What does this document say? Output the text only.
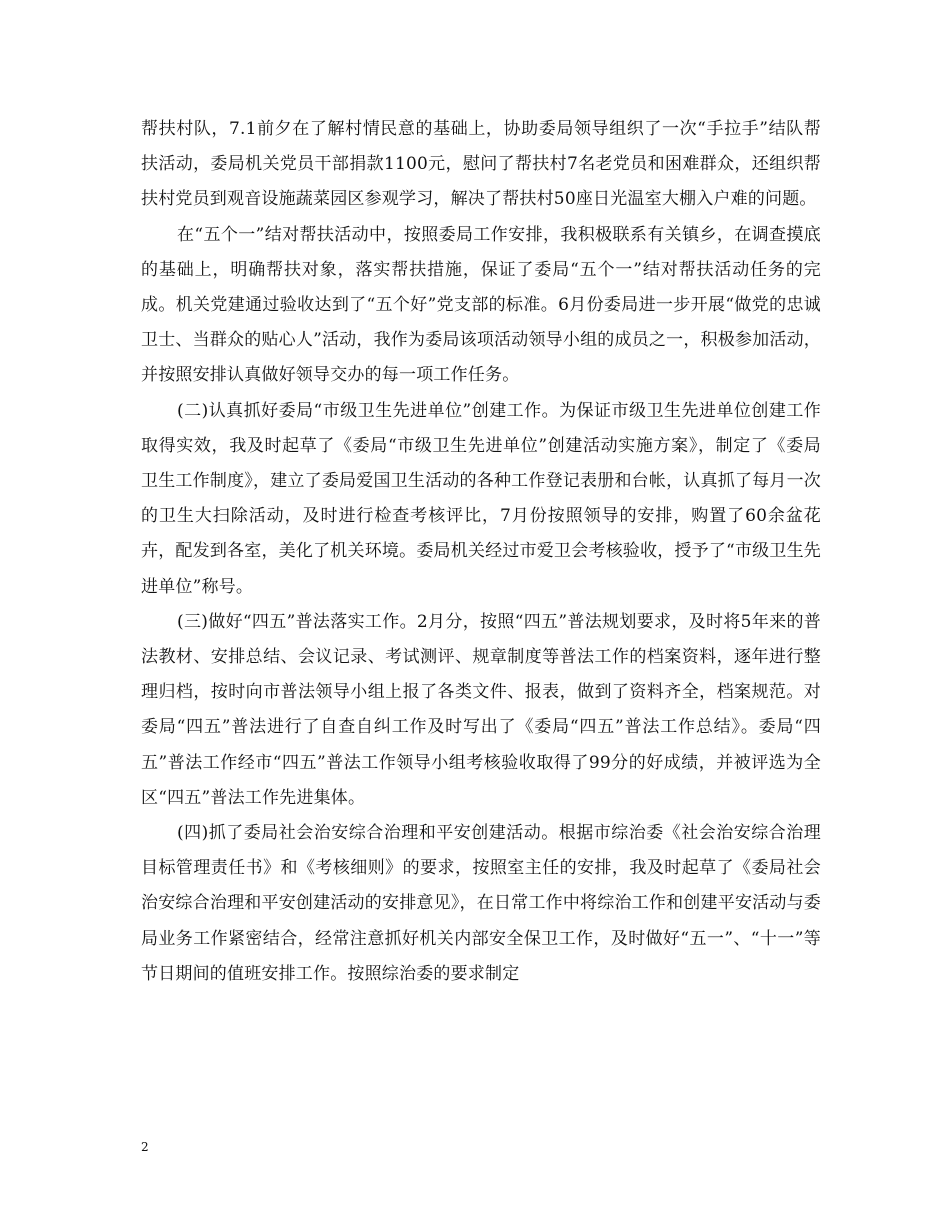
帮扶村队，7.1前夕在了解村情民意的基础上，协助委局领导组织了一次“手拉手”结队帮扶活动，委局机关党员干部捐款1100元，慰问了帮扶村7名老党员和困难群众，还组织帮扶村党员到观音设施蔬菜园区参观学习，解决了帮扶村50座日光温室大棚入户难的问题。

在“五个一”结对帮扶活动中，按照委局工作安排，我积极联系有关镇乡，在调查摸底的基础上，明确帮扶对象，落实帮扶措施，保证了委局“五个一”结对帮扶活动任务的完成。机关党建通过验收达到了“五个好”党支部的标准。6月份委局进一步开展“做党的忠诚卫士、当群众的贴心人”活动，我作为委局该项活动领导小组的成员之一，积极参加活动，并按照安排认真做好领导交办的每一项工作任务。

(二)认真抓好委局“市级卫生先进单位”创建工作。为保证市级卫生先进单位创建工作取得实效，我及时起草了《委局“市级卫生先进单位”创建活动实施方案》，制定了《委局卫生工作制度》，建立了委局爱国卫生活动的各种工作登记表册和台帐，认真抓了每月一次的卫生大扫除活动，及时进行检查考核评比，7月份按照领导的安排，购置了60余盆花卉，配发到各室，美化了机关环境。委局机关经过市爱卫会考核验收，授予了“市级卫生先进单位”称号。

(三)做好“四五”普法落实工作。2月分，按照“四五”普法规划要求，及时将5年来的普法教材、安排总结、会议记录、考试测评、规章制度等普法工作的档案资料，逐年进行整理归档，按时向市普法领导小组上报了各类文件、报表，做到了资料齐全，档案规范。对委局“四五”普法进行了自查自纠工作及时写出了《委局“四五”普法工作总结》。委局“四五”普法工作经市“四五”普法工作领导小组考核验收取得了99分的好成绩，并被评选为全区“四五”普法工作先进集体。

(四)抓了委局社会治安综合治理和平安创建活动。根据市综治委《社会治安综合治理目标管理责任书》和《考核细则》的要求，按照室主任的安排，我及时起草了《委局社会治安综合治理和平安创建活动的安排意见》，在日常工作中将综治工作和创建平安活动与委局业务工作紧密结合，经常注意抓好机关内部安全保卫工作，及时做好“五一”、“十一”等节日期间的值班安排工作。按照综治委的要求制定

2
